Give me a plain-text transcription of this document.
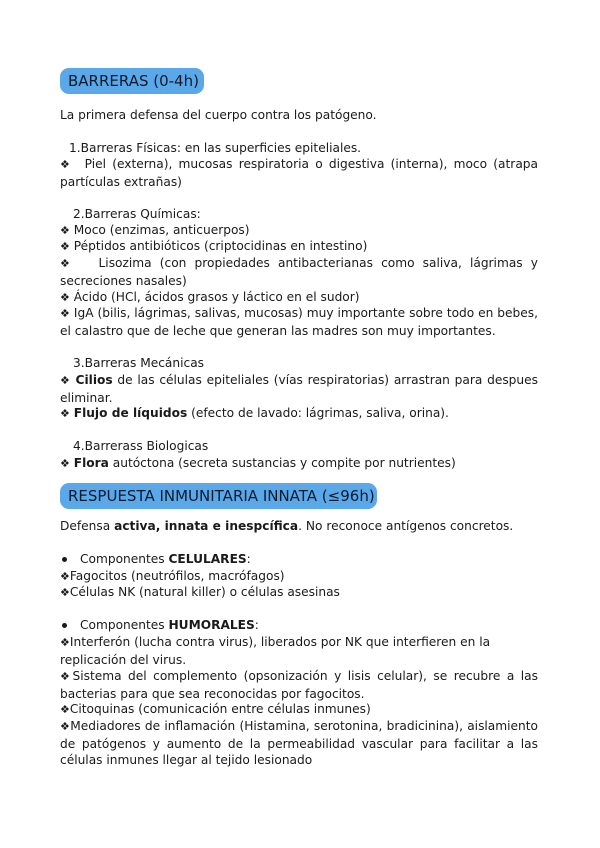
BARRERAS (0-4h)

La primera defensa del cuerpo contra los patógeno.

1.Barreras Físicas: en las superficies epiteliales.

❖ Piel (externa), mucosas respiratoria o digestiva (interna), moco (atrapa partículas extrañas)

2.Barreras Químicas:

❖ Moco (enzimas, anticuerpos)

❖ Péptidos antibióticos (criptocidinas en intestino)

❖ Lisozima (con propiedades antibacterianas como saliva, lágrimas y secreciones nasales)

❖ Ácido (HCl, ácidos grasos y láctico en el sudor)

❖ IgA (bilis, lágrimas, salivas, mucosas) muy importante sobre todo en bebes, el calastro que de leche que generan las madres son muy importantes.

3.Barreras Mecánicas

❖ Cilios de las células epiteliales (vías respiratorias) arrastran para despues eliminar.

❖ Flujo de líquidos (efecto de lavado: lágrimas, saliva, orina).

4.Barrerass Biologicas

❖ Flora autóctona (secreta sustancias y compite por nutrientes)

RESPUESTA INMUNITARIA INNATA (≤96h)

Defensa activa, innata e inespcífica. No reconoce antígenos concretos.

Componentes CELULARES:

❖Fagocitos (neutrófilos, macrófagos)

❖Células NK (natural killer) o células asesinas

Componentes HUMORALES:

❖Interferón (lucha contra virus), liberados por NK que interfieren en la replicación del virus.

❖Sistema del complemento (opsonización y lisis celular), se recubre a las bacterias para que sea reconocidas por fagocitos.

❖Citoquinas (comunicación entre células inmunes)

❖Mediadores de inflamación (Histamina, serotonina, bradicinina), aislamiento de patógenos y aumento de la permeabilidad vascular para facilitar a las células inmunes llegar al tejido lesionado
